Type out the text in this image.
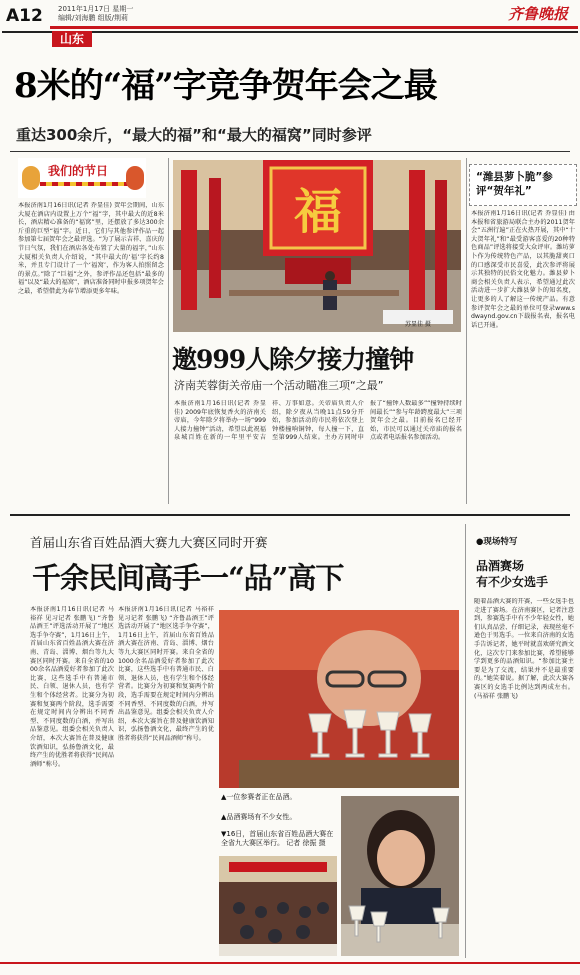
A12 2011年1月17日 星期一
编辑/刘海鹏 组版/荆莉	齐鲁晚报
山东
8米的“福”字竞争贺年会之最
重达300余斤，“最大的福”和“最大的福窝”同时参评
我们的节日

本报济南1月16日讯(记者 乔显佳) 贺年会期间，山东大厦在酒店内设置上万个“福”字，其中最大的近8米长，酒店精心准备的“福窝”里，还摆放了多达300余斤重的巨型“福”字。近日，它们与其他参评作品一起参加第七届贺年会之最评选。“为了展示吉祥、喜庆的节日气氛，我们在酒店各处布置了大量的福字，”山东大厦相关负责人介绍说，“其中最大的‘福’字长约8米，并且专门设计了一个‘福窝’，作为客人拍照留念的景点。”除了“巨福”之外，参评作品还包括“最多的福”以及“最大的福窝”，酒店准备同时申报多项贺年会之最，希望借此为春节增添更多年味。

福
苏显佳 摄
“潍县萝卜脆”参评“贺年礼”

本报济南1月16日讯(记者 乔显佳) 由本报和省旅游局联合主办的2011贺年会“五洲行遍”正在火热开展，其中“十大贺年礼”和“最受游客喜爱的20种特色商品”评选将接受大众评审。潍坊萝卜作为传统特色产品，以其脆甜爽口的口感深受市民喜爱，此次参评将展示其独特的民俗文化魅力。潍县萝卜商会相关负责人表示，希望通过此次活动进一步扩大潍县萝卜的知名度，让更多的人了解这一传统产品。有意参评贺年会之最的单位可登录www.sdwaynd.gov.cn下载报名表，报名电话已开通。

邀999人除夕接力撞钟
济南芙蓉街关帝庙一个活动瞄准三项“之最”

本报济南1月16日讯(记者 乔显佳) 2009年底恢复香火的济南关帝庙，今年除夕将举办一场“999人接力撞钟”活动，希望以此祝福泉城百姓在新的一年里平安吉祥、万事如意。关帝庙负责人介绍，除夕夜从当晚11点59分开始，参加活动的市民将依次登上钟楼撞响铜钟，每人撞一下，直至第999人结束。主办方同时申报了“撞钟人数最多”“撞钟持续时间最长”“参与年龄跨度最大”三项贺年会之最。目前报名已经开始，市民可以通过关帝庙的报名点或者电话报名参加活动。

首届山东省百姓品酒大赛九大赛区同时开赛
千余民间高手一“品”高下

本报济南1月16日讯(记者 马裕祥 见习记者 张鹏飞) “齐鲁品酒王”评选活动开展了“地区选手争夺赛”，1月16日上午，首届山东省百姓品酒大赛在济南、青岛、淄博、烟台等九大赛区同时开赛。来自全省的1000余名品酒爱好者参加了此次比赛，这些选手中有普通市民、白领、退休人员，也有学生和个体经营者。比赛分为初赛和复赛两个阶段，选手需要在规定时间内分辨出不同香型、不同度数的白酒，并写出品鉴意见。组委会相关负责人介绍，本次大赛旨在普及健康饮酒知识，弘扬鲁酒文化，最终产生的优胜者将获得“民间品酒师”称号。

本报济南1月16日讯(记者 马裕祥 见习记者 张鹏飞) “齐鲁品酒王”评选活动开展了“地区选手争夺赛”，1月16日上午，首届山东省百姓品酒大赛在济南、青岛、淄博、烟台等九大赛区同时开赛。来自全省的1000余名品酒爱好者参加了此次比赛，这些选手中有普通市民、白领、退休人员，也有学生和个体经营者。比赛分为初赛和复赛两个阶段，选手需要在规定时间内分辨出不同香型、不同度数的白酒，并写出品鉴意见。组委会相关负责人介绍，本次大赛旨在普及健康饮酒知识，弘扬鲁酒文化，最终产生的优胜者将获得“民间品酒师”称号。

▲一位参赛者正在品酒。
▲品酒赛场有不少女性。
▼16日，首届山东省百姓品酒大赛在全省九大赛区举行。 记者 徐振 摄
●现场特写
品酒赛场
有不少女选手

随着品酒大赛的开赛，一些女选手也走进了赛场。在济南赛区，记者注意到，参赛选手中有不少年轻女性，她们认真品尝、仔细记录，表现丝毫不逊色于男选手。一位来自济南的女选手告诉记者，她平时就喜欢研究酒文化，这次专门来参加比赛，希望能够学到更多的品酒知识。“参加比赛主要是为了交流，结果并不是最重要的。”她笑着说。据了解，此次大赛各赛区的女选手比例达到两成左右。(马裕祥 张鹏飞)
